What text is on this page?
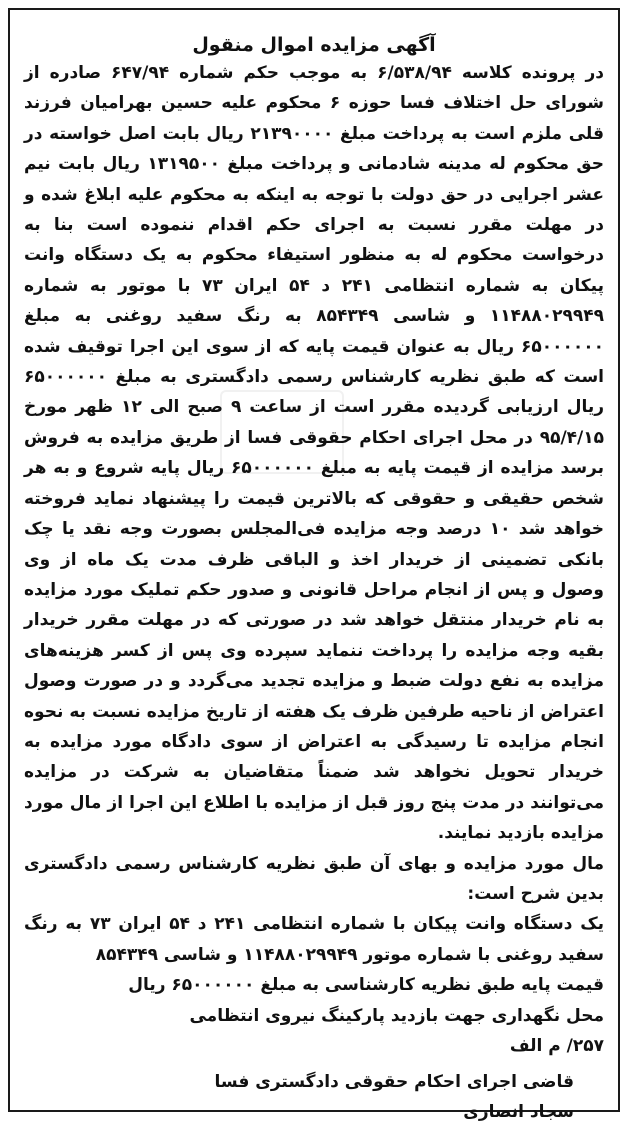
آگهی مزایده اموال منقول

در پرونده کلاسه ۶/۵۳۸/۹۴ به موجب حکم شماره ۶۴۷/۹۴ صادره از شورای حل اختلاف فسا حوزه ۶ محکوم علیه حسین بهرامیان فرزند قلی ملزم است به پرداخت مبلغ ۲۱۳۹۰۰۰۰ ریال بابت اصل خواسته در حق محکوم له مدینه شادمانی و پرداخت مبلغ ۱۳۱۹۵۰۰ ریال بابت نیم عشر اجرایی در حق دولت با توجه به اینکه به محکوم علیه ابلاغ شده و در مهلت مقرر نسبت به اجرای حکم اقدام ننموده است بنا به درخواست محکوم له به منظور استیفاء محکوم به یک دستگاه وانت پیکان به شماره انتظامی ۲۴۱ د ۵۴ ایران ۷۳ با موتور به شماره ۱۱۴۸۸۰۲۹۹۴۹ و شاسی ۸۵۴۳۴۹ به رنگ سفید روغنی به مبلغ ۶۵۰۰۰۰۰۰ ریال به عنوان قیمت پایه که از سوی این اجرا توقیف شده است که طبق نظریه کارشناس رسمی دادگستری به مبلغ ۶۵۰۰۰۰۰۰ ریال ارزیابی گردیده مقرر است از ساعت ۹ صبح الی ۱۲ ظهر مورخ ۹۵/۴/۱۵ در محل اجرای احکام حقوقی فسا از طریق مزایده به فروش برسد مزایده از قیمت پایه به مبلغ ۶۵۰۰۰۰۰۰ ریال پایه شروع و به هر شخص حقیقی و حقوقی که بالاترین قیمت را پیشنهاد نماید فروخته خواهد شد ۱۰ درصد وجه مزایده فی‌المجلس بصورت وجه نقد یا چک بانکی تضمینی از خریدار اخذ و الباقی ظرف مدت یک ماه از وی وصول و پس از انجام مراحل قانونی و صدور حکم تملیک مورد مزایده به نام خریدار منتقل خواهد شد در صورتی که در مهلت مقرر خریدار بقیه وجه مزایده را پرداخت ننماید سپرده وی پس از کسر هزینه‌های مزایده به نفع دولت ضبط و مزایده تجدید می‌گردد و در صورت وصول اعتراض از ناحیه طرفین ظرف یک هفته از تاریخ مزایده نسبت به نحوه انجام مزایده تا رسیدگی به اعتراض از سوی دادگاه مورد مزایده به خریدار تحویل نخواهد شد ضمناً متقاضیان به شرکت در مزایده می‌توانند در مدت پنج روز قبل از مزایده با اطلاع این اجرا از مال مورد مزایده بازدید نمایند.

مال مورد مزایده و بهای آن طبق نظریه کارشناس رسمی دادگستری بدین شرح است:
یک دستگاه وانت پیکان با شماره انتظامی ۲۴۱ د ۵۴ ایران ۷۳ به رنگ سفید روغنی با شماره موتور ۱۱۴۸۸۰۲۹۹۴۹ و شاسی ۸۵۴۳۴۹
قیمت پایه طبق نظریه کارشناسی به مبلغ ۶۵۰۰۰۰۰۰ ریال
محل نگهداری جهت بازدید پارکینگ نیروی انتظامی
۲۵۷/ م الف
قاضی اجرای احکام حقوقی دادگستری فسا
سجاد انصاری
